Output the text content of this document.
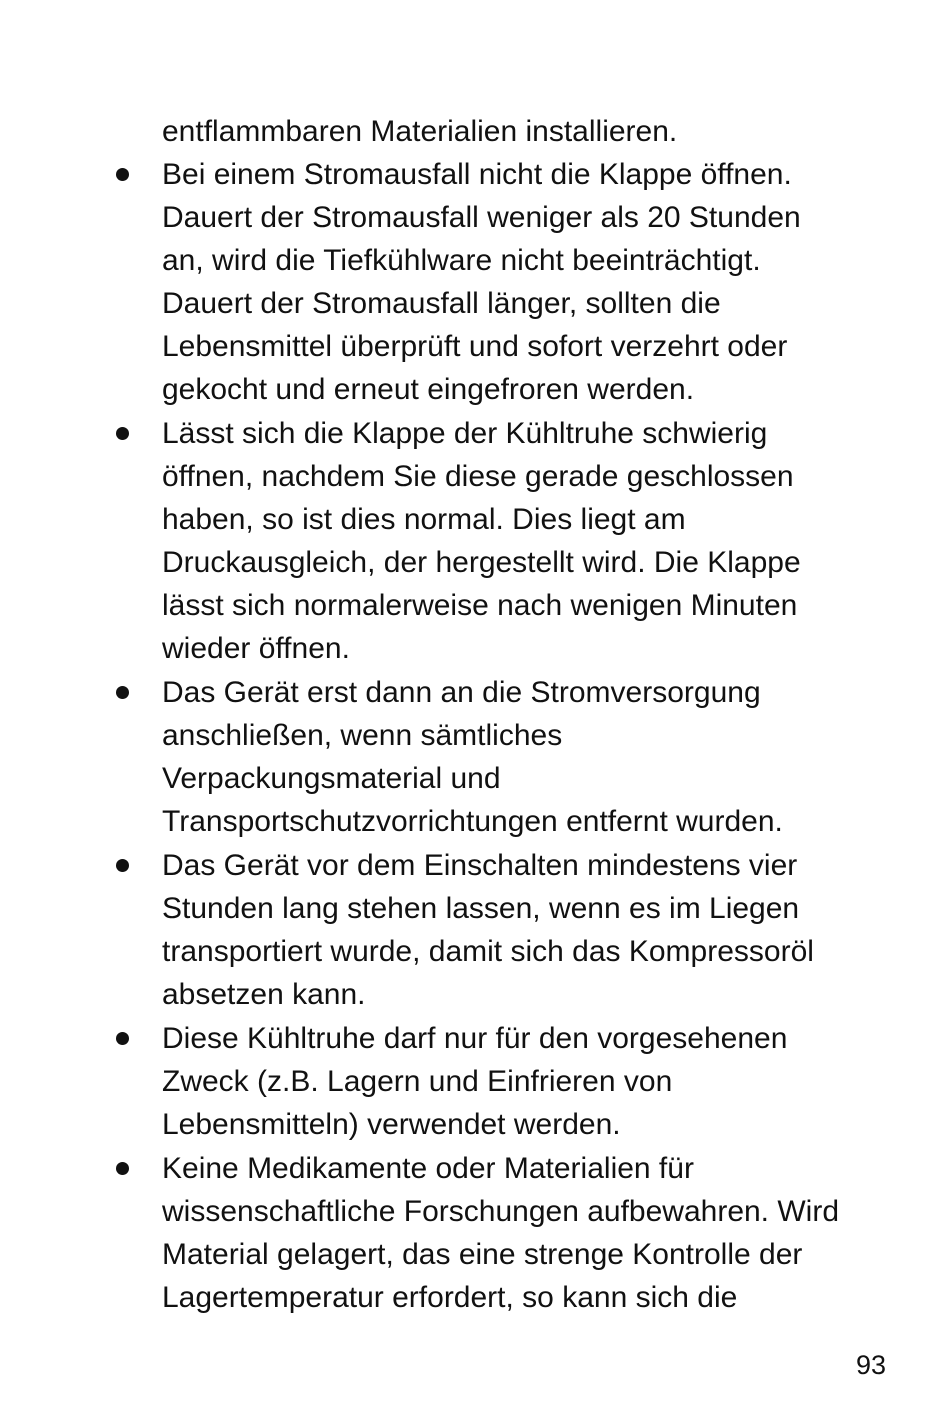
entflammbaren Materialien installieren.

Bei einem Stromausfall nicht die Klappe öffnen.
Dauert der Stromausfall weniger als 20 Stunden
an, wird die Tiefkühlware nicht beeinträchtigt.
Dauert der Stromausfall länger, sollten die
Lebensmittel überprüft und sofort verzehrt oder
gekocht und erneut eingefroren werden.
Lässt sich die Klappe der Kühltruhe schwierig
öffnen, nachdem Sie diese gerade geschlossen
haben, so ist dies normal. Dies liegt am
Druckausgleich, der hergestellt wird. Die Klappe
lässt sich normalerweise nach wenigen Minuten
wieder öffnen.
Das Gerät erst dann an die Stromversorgung
anschließen, wenn sämtliches
Verpackungsmaterial und
Transportschutzvorrichtungen entfernt wurden.
Das Gerät vor dem Einschalten mindestens vier
Stunden lang stehen lassen, wenn es im Liegen
transportiert wurde, damit sich das Kompressoröl
absetzen kann.
Diese Kühltruhe darf nur für den vorgesehenen
Zweck (z.B. Lagern und Einfrieren von
Lebensmitteln) verwendet werden.
Keine Medikamente oder Materialien für
wissenschaftliche Forschungen aufbewahren. Wird
Material gelagert, das eine strenge Kontrolle der
Lagertemperatur erfordert, so kann sich die
93
